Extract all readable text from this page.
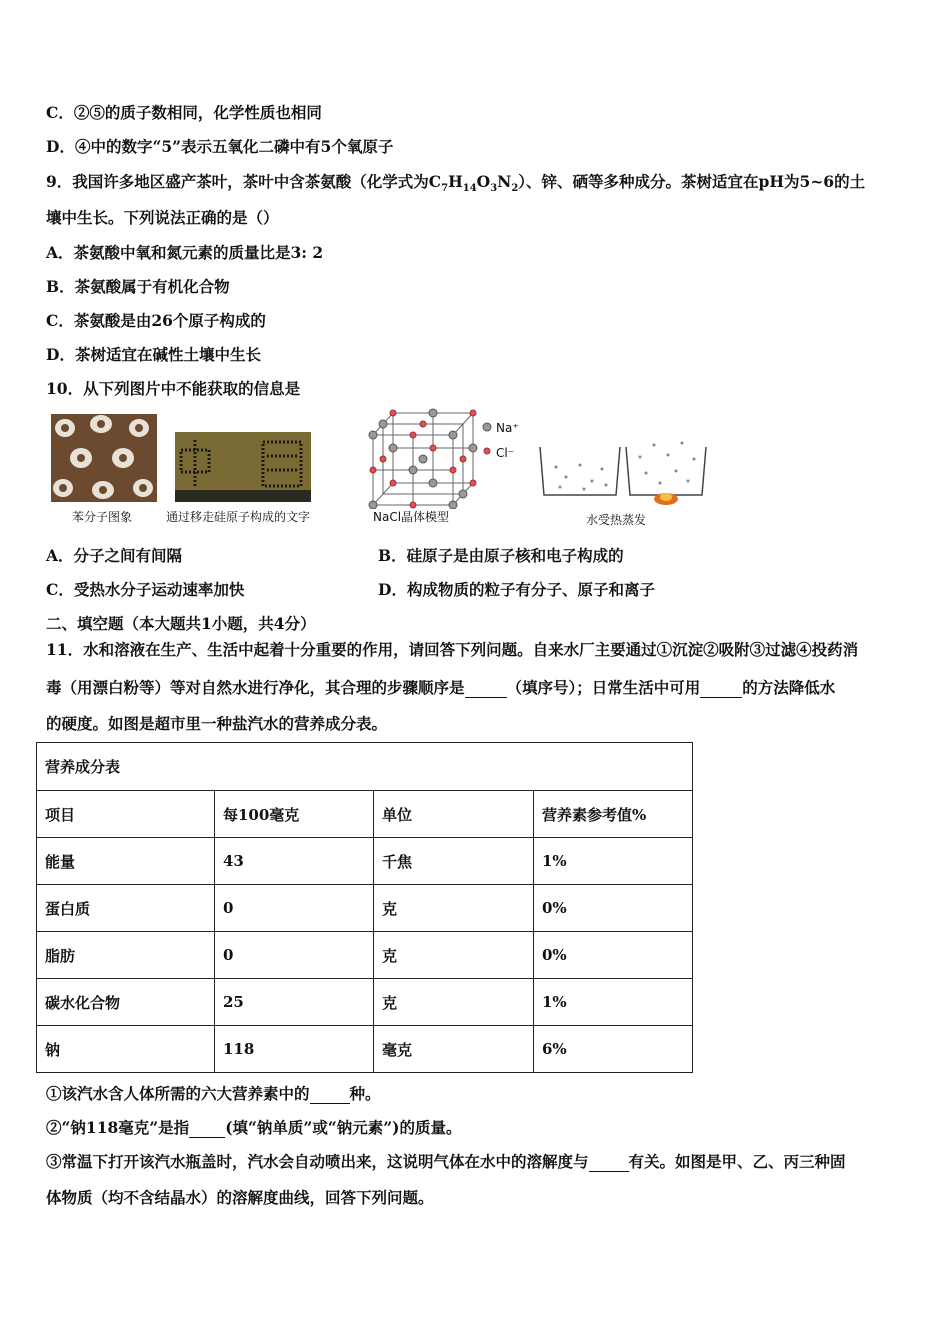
C．②⑤的质子数相同，化学性质也相同
D．④中的数字“5”表示五氧化二磷中有5个氧原子
9．我国许多地区盛产茶叶，茶叶中含茶氨酸（化学式为$C_7H_{14}O_3N_2$）、锌、硒等多种成分。茶树适宜在pH为5~6的土
壤中生长。下列说法正确的是（）
A．茶氨酸中氧和氮元素的质量比是3: 2
B．茶氨酸属于有机化合物
C．茶氨酸是由26个原子构成的
D．茶树适宜在碱性土壤中生长
10．从下列图片中不能获取的信息是
苯分子图象	通过移走硅原子构成的文字
Na⁺
Cl⁻
NaCl晶体模型	水受热蒸发
A．分子之间有间隔	B．硅原子是由原子核和电子构成的
C．受热水分子运动速率加快	D．构成物质的粒子有分子、原子和离子
二、填空题（本大题共1小题，共4分）
11．水和溶液在生产、生活中起着十分重要的作用，请回答下列问题。自来水厂主要通过①沉淀②吸附③过滤④投药消
毒（用漂白粉等）等对自然水进行净化，其合理的步骤顺序是	（填序号）；日常生活中可用	的方法降低水
的硬度。如图是超市里一种盐汽水的营养成分表。
营养成分表			
项目	每100毫克	单位	营养素参考值%
能量	43	千焦	1%
蛋白质	0	克	0%
脂肪	0	克	0%
碳水化合物	25	克	1%
钠	118	毫克	6%
①该汽水含人体所需的六大营养素中的	种。
②“钠118毫克”是指 (填“钠单质”或“钠元素”)的质量。
③常温下打开该汽水瓶盖时，汽水会自动喷出来，这说明气体在水中的溶解度与	有关。如图是甲、乙、丙三种固
体物质（均不含结晶水）的溶解度曲线，回答下列问题。
